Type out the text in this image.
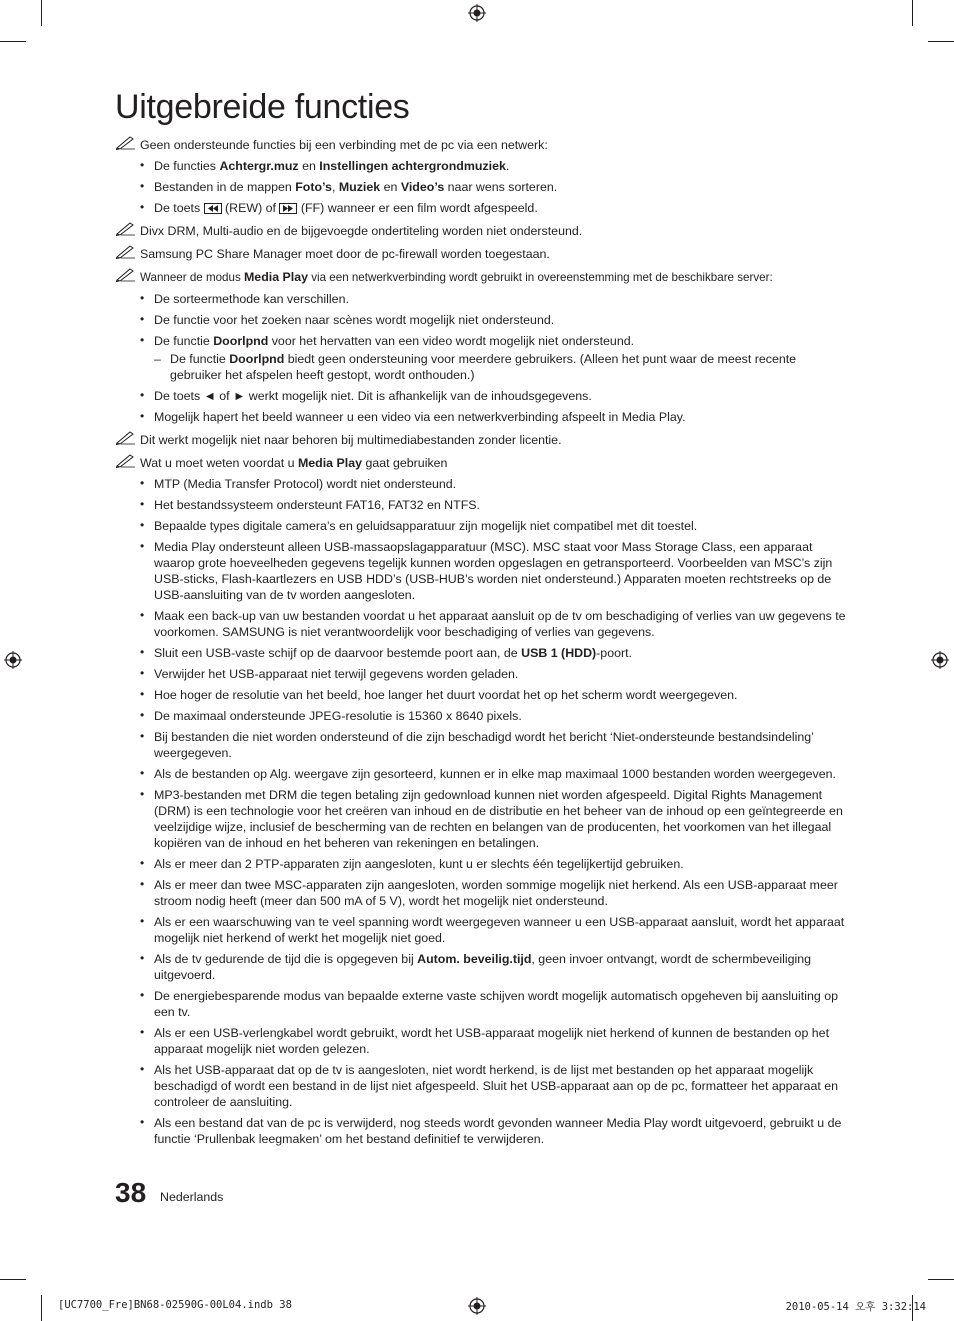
Uitgebreide functies
Geen ondersteunde functies bij een verbinding met de pc via een netwerk:
• De functies Achtergr.muz en Instellingen achtergrondmuziek.
• Bestanden in de mappen Foto’s, Muziek en Video’s naar wens sorteren.
• De toets
(REW) of
(FF) wanneer er een film wordt afgespeeld.
Divx DRM, Multi-audio en de bijgevoegde ondertiteling worden niet ondersteund.
Samsung PC Share Manager moet door de pc-firewall worden toegestaan.
Wanneer de modus Media Play via een netwerkverbinding wordt gebruikt in overeenstemming met de beschikbare server:
• De sorteermethode kan verschillen.
• De functie voor het zoeken naar scènes wordt mogelijk niet ondersteund.
• De functie Doorlpnd voor het hervatten van een video wordt mogelijk niet ondersteund.
– De functie Doorlpnd biedt geen ondersteuning voor meerdere gebruikers. (Alleen het punt waar de meest recente gebruiker het afspelen heeft gestopt, wordt onthouden.)
• De toets ◄ of ► werkt mogelijk niet. Dit is afhankelijk van de inhoudsgegevens.
• Mogelijk hapert het beeld wanneer u een video via een netwerkverbinding afspeelt in Media Play.
Dit werkt mogelijk niet naar behoren bij multimediabestanden zonder licentie.
Wat u moet weten voordat u Media Play gaat gebruiken
• MTP (Media Transfer Protocol) wordt niet ondersteund.
• Het bestandssysteem ondersteunt FAT16, FAT32 en NTFS.
• Bepaalde types digitale camera’s en geluidsapparatuur zijn mogelijk niet compatibel met dit toestel.
• Media Play ondersteunt alleen USB-massaopslagapparatuur (MSC). MSC staat voor Mass Storage Class, een apparaat waarop grote hoeveelheden gegevens tegelijk kunnen worden opgeslagen en getransporteerd. Voorbeelden van MSC’s zijn USB-sticks, Flash-kaartlezers en USB HDD’s (USB-HUB’s worden niet ondersteund.) Apparaten moeten rechtstreeks op de USB-aansluiting van de tv worden aangesloten.
• Maak een back-up van uw bestanden voordat u het apparaat aansluit op de tv om beschadiging of verlies van uw gegevens te voorkomen. SAMSUNG is niet verantwoordelijk voor beschadiging of verlies van gegevens.
• Sluit een USB-vaste schijf op de daarvoor bestemde poort aan, de USB 1 (HDD)-poort.
• Verwijder het USB-apparaat niet terwijl gegevens worden geladen.
• Hoe hoger de resolutie van het beeld, hoe langer het duurt voordat het op het scherm wordt weergegeven.
• De maximaal ondersteunde JPEG-resolutie is 15360 x 8640 pixels.
• Bij bestanden die niet worden ondersteund of die zijn beschadigd wordt het bericht ‘Niet-ondersteunde bestandsindeling’ weergegeven.
• Als de bestanden op Alg. weergave zijn gesorteerd, kunnen er in elke map maximaal 1000 bestanden worden weergegeven.
• MP3-bestanden met DRM die tegen betaling zijn gedownload kunnen niet worden afgespeeld. Digital Rights Management (DRM) is een technologie voor het creëren van inhoud en de distributie en het beheer van de inhoud op een geïntegreerde en veelzijdige wijze, inclusief de bescherming van de rechten en belangen van de producenten, het voorkomen van het illegaal kopiëren van de inhoud en het beheren van rekeningen en betalingen.
• Als er meer dan 2 PTP-apparaten zijn aangesloten, kunt u er slechts één tegelijkertijd gebruiken.
• Als er meer dan twee MSC-apparaten zijn aangesloten, worden sommige mogelijk niet herkend. Als een USB-apparaat meer stroom nodig heeft (meer dan 500 mA of 5 V), wordt het mogelijk niet ondersteund.
• Als er een waarschuwing van te veel spanning wordt weergegeven wanneer u een USB-apparaat aansluit, wordt het apparaat mogelijk niet herkend of werkt het mogelijk niet goed.
• Als de tv gedurende de tijd die is opgegeven bij Autom. beveilig.tijd, geen invoer ontvangt, wordt de schermbeveiliging uitgevoerd.
• De energiebesparende modus van bepaalde externe vaste schijven wordt mogelijk automatisch opgeheven bij aansluiting op een tv.
• Als er een USB-verlengkabel wordt gebruikt, wordt het USB-apparaat mogelijk niet herkend of kunnen de bestanden op het apparaat mogelijk niet worden gelezen.
• Als het USB-apparaat dat op de tv is aangesloten, niet wordt herkend, is de lijst met bestanden op het apparaat mogelijk beschadigd of wordt een bestand in de lijst niet afgespeeld. Sluit het USB-apparaat aan op de pc, formatteer het apparaat en controleer de aansluiting.
• Als een bestand dat van de pc is verwijderd, nog steeds wordt gevonden wanneer Media Play wordt uitgevoerd, gebruikt u de functie ‘Prullenbak leegmaken’ om het bestand definitief te verwijderen.
38 Nederlands
[UC7700_Fre]BN68-02590G-00L04.indb 38	2010-05-14 오후 3:32:14
